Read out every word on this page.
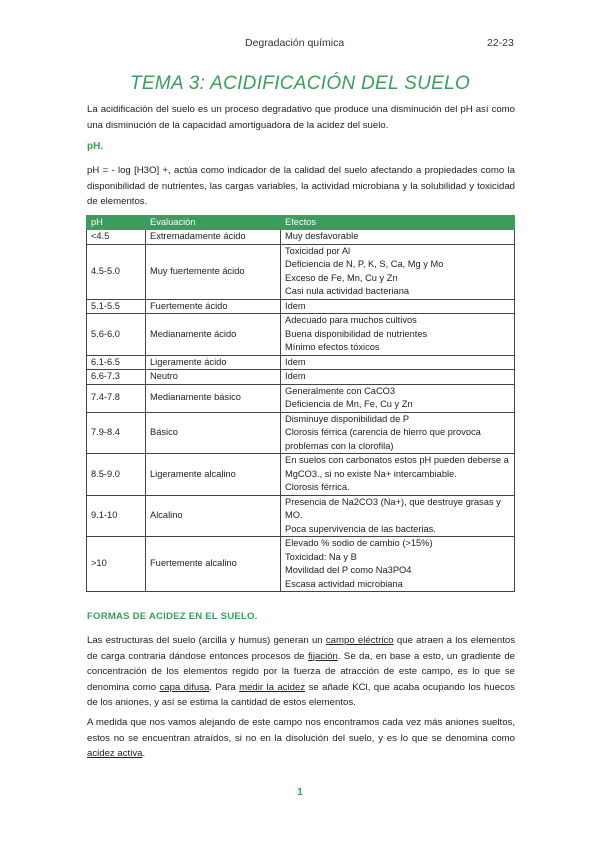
Degradación química	22-23
TEMA 3: ACIDIFICACIÓN DEL SUELO

La acidificación del suelo es un proceso degradativo que produce una disminución del pH así como una disminución de la capacidad amortiguadora de la acidez del suelo.

pH.

pH = - log [H3O] +, actúa como indicador de la calidad del suelo afectando a propiedades como la disponibilidad de nutrientes, las cargas variables, la actividad microbiana y la solubilidad y toxicidad de elementos.

pH	Evaluación	Efectos
<4.5	Extremadamente ácido	Muy desfavorable

4.5-5.0	Muy fuertemente ácido	Toxicidad por Al
Deficiencia de N, P, K, S, Ca, Mg y Mo
Exceso de Fe, Mn, Cu y Zn
Casi nula actividad bacteriana

5.1-5.5	Fuertemente ácido	Idem

5.6-6.0	Medianamente ácido	Adecuado para muchos cultivos
Buena disponibilidad de nutrientes
Mínimo efectos tóxicos

6.1-6.5	Ligeramente ácido	Idem

6.6-7.3	Neutro	Idem

7.4-7.8	Medianamente básico	Generalmente con CaCO3
Deficiencia de Mn, Fe, Cu y Zn

7.9-8.4	Básico	Disminuye disponibilidad de P
Clorosis férrica (carencia de hierro que provoca problemas con la clorofila)

8.5-9.0	Ligeramente alcalino	En suelos con carbonatos estos pH pueden deberse a MgCO3., si no existe Na+ intercambiable.
Clorosis férrica.

9.1-10	Alcalino	Presencia de Na2CO3 (Na+), que destruye grasas y MO.
Poca supervivencia de las bacterias.

>10	Fuertemente alcalino	Elevado % sodio de cambio (>15%)
Toxicidad: Na y B
Movilidad del P como Na3PO4
Escasa actividad microbiana
FORMAS DE ACIDEZ EN EL SUELO.

Las estructuras del suelo (arcilla y humus) generan un campo eléctrico que atraen a los elementos de carga contraria dándose entonces procesos de fijación. Se da, en base a esto, un gradiente de concentración de los elementos regido por la fuerza de atracción de este campo, es lo que se denomina como capa difusa. Para medir la acidez se añade KCl, que acaba ocupando los huecos de los aniones, y así se estima la cantidad de estos elementos.

A medida que nos vamos alejando de este campo nos encontramos cada vez más aniones sueltos, estos no se encuentran atraídos, si no en la disolución del suelo, y es lo que se denomina como acidez activa.

1
